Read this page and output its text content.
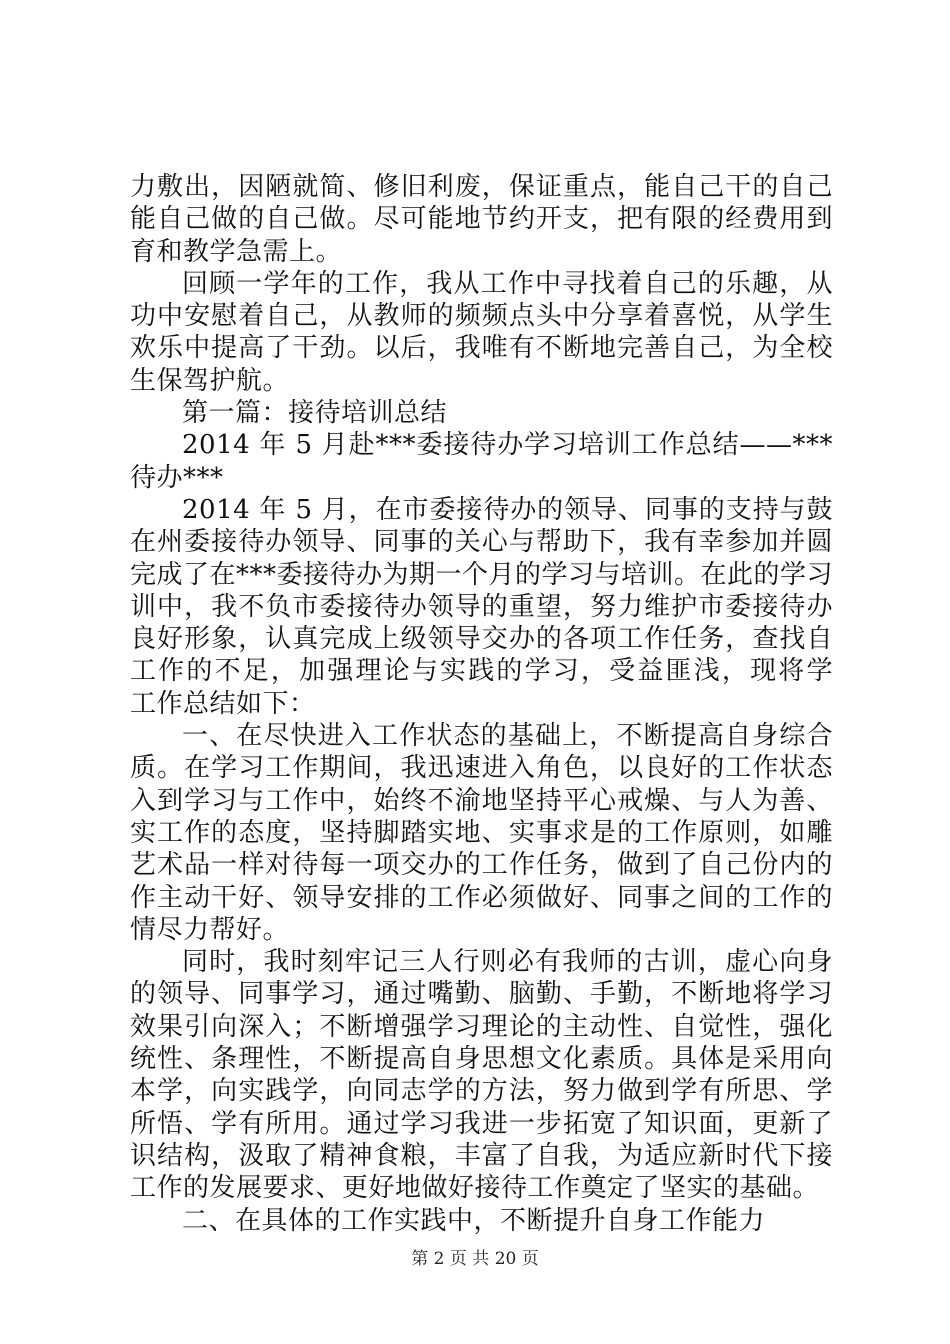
力敷出，因陋就简、修旧利废，保证重点，能自己干的自己
能自己做的自己做。尽可能地节约开支，把有限的经费用到
育和教学急需上。
回顾一学年的工作，我从工作中寻找着自己的乐趣，从
功中安慰着自己，从教师的频频点头中分享着喜悦，从学生
欢乐中提高了干劲。以后，我唯有不断地完善自己，为全校
生保驾护航。
第一篇：接待培训总结
2014 年 5 月赴***委接待办学习培训工作总结——***
待办***
2014 年 5 月，在市委接待办的领导、同事的支持与鼓
在州委接待办领导、同事的关心与帮助下，我有幸参加并圆
完成了在***委接待办为期一个月的学习与培训。在此的学习
训中，我不负市委接待办领导的重望，努力维护市委接待办
良好形象，认真完成上级领导交办的各项工作任务，查找自
工作的不足，加强理论与实践的学习，受益匪浅，现将学
工作总结如下：
一、在尽快进入工作状态的基础上，不断提高自身综合
质。在学习工作期间，我迅速进入角色，以良好的工作状态
入到学习与工作中，始终不渝地坚持平心戒燥、与人为善、
实工作的态度，坚持脚踏实地、实事求是的工作原则，如雕
艺术品一样对待每一项交办的工作任务，做到了自己份内的
作主动干好、领导安排的工作必须做好、同事之间的工作的
情尽力帮好。
同时，我时刻牢记三人行则必有我师的古训，虚心向身
的领导、同事学习，通过嘴勤、脑勤、手勤，不断地将学习
效果引向深入；不断增强学习理论的主动性、自觉性，强化
统性、条理性，不断提高自身思想文化素质。具体是采用向
本学，向实践学，向同志学的方法，努力做到学有所思、学
所悟、学有所用。通过学习我进一步拓宽了知识面，更新了
识结构，汲取了精神食粮，丰富了自我，为适应新时代下接
工作的发展要求、更好地做好接待工作奠定了坚实的基础。
二、在具体的工作实践中，不断提升自身工作能力
第 2 页 共 20 页
